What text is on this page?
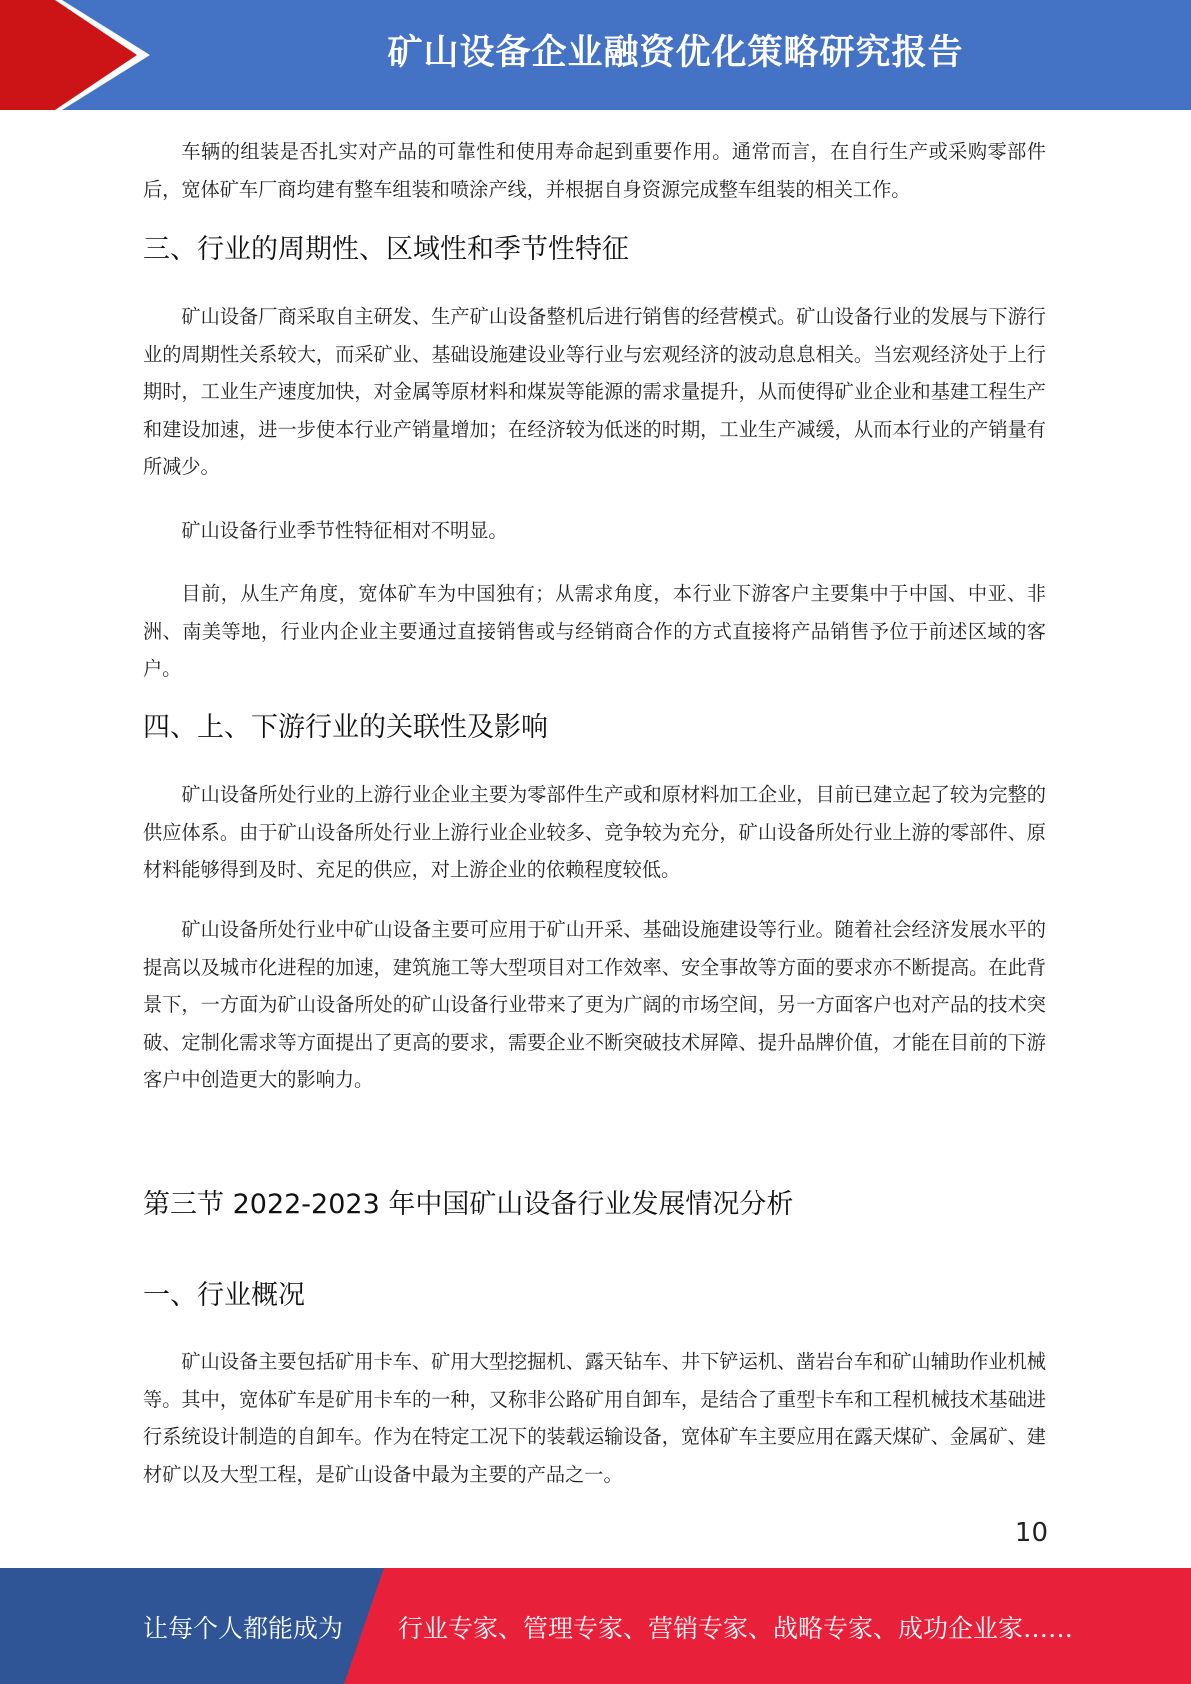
矿山设备企业融资优化策略研究报告

车辆的组装是否扎实对产品的可靠性和使用寿命起到重要作用。通常而言，在自行生产或采购零部件后，宽体矿车厂商均建有整车组装和喷涂产线，并根据自身资源完成整车组装的相关工作。

三、行业的周期性、区域性和季节性特征

矿山设备厂商采取自主研发、生产矿山设备整机后进行销售的经营模式。矿山设备行业的发展与下游行业的周期性关系较大，而采矿业、基础设施建设业等行业与宏观经济的波动息息相关。当宏观经济处于上行期时，工业生产速度加快，对金属等原材料和煤炭等能源的需求量提升，从而使得矿业企业和基建工程生产和建设加速，进一步使本行业产销量增加；在经济较为低迷的时期，工业生产减缓，从而本行业的产销量有所减少。

矿山设备行业季节性特征相对不明显。

目前，从生产角度，宽体矿车为中国独有；从需求角度，本行业下游客户主要集中于中国、中亚、非洲、南美等地，行业内企业主要通过直接销售或与经销商合作的方式直接将产品销售予位于前述区域的客户。

四、上、下游行业的关联性及影响

矿山设备所处行业的上游行业企业主要为零部件生产或和原材料加工企业，目前已建立起了较为完整的供应体系。由于矿山设备所处行业上游行业企业较多、竞争较为充分，矿山设备所处行业上游的零部件、原材料能够得到及时、充足的供应，对上游企业的依赖程度较低。

矿山设备所处行业中矿山设备主要可应用于矿山开采、基础设施建设等行业。随着社会经济发展水平的提高以及城市化进程的加速，建筑施工等大型项目对工作效率、安全事故等方面的要求亦不断提高。在此背景下，一方面为矿山设备所处的矿山设备行业带来了更为广阔的市场空间，另一方面客户也对产品的技术突破、定制化需求等方面提出了更高的要求，需要企业不断突破技术屏障、提升品牌价值，才能在目前的下游客户中创造更大的影响力。

第三节 2022-2023 年中国矿山设备行业发展情况分析
一、行业概况

矿山设备主要包括矿用卡车、矿用大型挖掘机、露天钻车、井下铲运机、凿岩台车和矿山辅助作业机械等。其中，宽体矿车是矿用卡车的一种，又称非公路矿用自卸车，是结合了重型卡车和工程机械技术基础进行系统设计制造的自卸车。作为在特定工况下的装载运输设备，宽体矿车主要应用在露天煤矿、金属矿、建材矿以及大型工程，是矿山设备中最为主要的产品之一。

10
让每个人都能成为 行业专家、管理专家、营销专家、战略专家、成功企业家……
